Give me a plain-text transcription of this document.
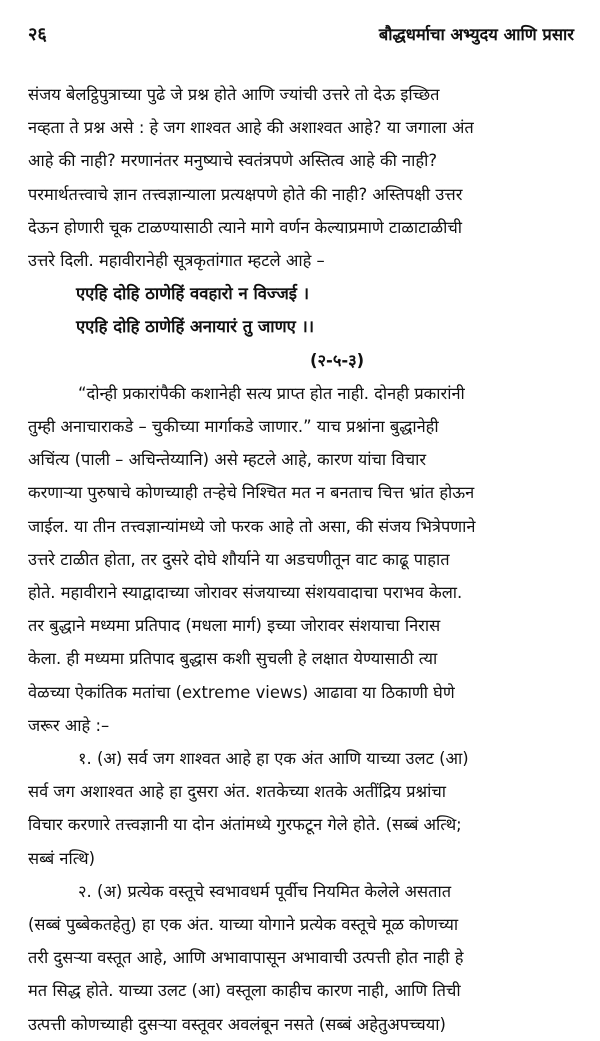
२६	बौद्धधर्माचा अभ्युदय आणि प्रसार
संजय बेलट्ठिपुत्राच्या पुढे जे प्रश्न होते आणि ज्यांची उत्तरे तो देऊ इच्छित
नव्हता ते प्रश्न असे : हे जग शाश्वत आहे की अशाश्वत आहे? या जगाला अंत
आहे की नाही? मरणानंतर मनुष्याचे स्वतंत्रपणे अस्तित्व आहे की नाही?
परमार्थतत्त्वाचे ज्ञान तत्त्वज्ञान्याला प्रत्यक्षपणे होते की नाही? अस्तिपक्षी उत्तर
देऊन होणारी चूक टाळण्यासाठी त्याने मागे वर्णन केल्याप्रमाणे टाळाटाळीची
उत्तरे दिली. महावीरानेही सूत्रकृतांगात म्हटले आहे –
एएहि दोहि ठाणेहिं ववहारो न विज्जई ।
एएहि दोहि ठाणेहिं अनायारं तु जाणए ।।
(२-५-३)
“दोन्ही प्रकारांपैकी कशानेही सत्य प्राप्त होत नाही. दोनही प्रकारांनी
तुम्ही अनाचाराकडे – चुकीच्या मार्गाकडे जाणार.” याच प्रश्नांना बुद्धानेही
अचिंत्य (पाली – अचिन्तेय्यानि) असे म्हटले आहे, कारण यांचा विचार
करणाऱ्या पुरुषाचे कोणच्याही तऱ्हेचे निश्चित मत न बनताच चित्त भ्रांत होऊन
जाईल. या तीन तत्त्वज्ञान्यांमध्ये जो फरक आहे तो असा, की संजय भित्रेपणाने
उत्तरे टाळीत होता, तर दुसरे दोघे शौर्याने या अडचणीतून वाट काढू पाहात
होते. महावीराने स्याद्वादाच्या जोरावर संजयाच्या संशयवादाचा पराभव केला.
तर बुद्धाने मध्यमा प्रतिपाद (मधला मार्ग) इच्या जोरावर संशयाचा निरास
केला. ही मध्यमा प्रतिपाद बुद्धास कशी सुचली हे लक्षात येण्यासाठी त्या
वेळच्या ऐकांतिक मतांचा (extreme views) आढावा या ठिकाणी घेणे
जरूर आहे :–
१. (अ) सर्व जग शाश्वत आहे हा एक अंत आणि याच्या उलट (आ)
सर्व जग अशाश्वत आहे हा दुसरा अंत. शतकेच्या शतके अतींद्रिय प्रश्नांचा
विचार करणारे तत्त्वज्ञानी या दोन अंतांमध्ये गुरफटून गेले होते. (सब्बं अत्थि;
सब्बं नत्थि)
२. (अ) प्रत्येक वस्तूचे स्वभावधर्म पूर्वीच नियमित केलेले असतात
(सब्बं पुब्बेकतहेतु) हा एक अंत. याच्या योगाने प्रत्येक वस्तूचे मूळ कोणच्या
तरी दुसऱ्या वस्तूत आहे, आणि अभावापासून अभावाची उत्पत्ती होत नाही हे
मत सिद्ध होते. याच्या उलट (आ) वस्तूला काहीच कारण नाही, आणि तिची
उत्पत्ती कोणच्याही दुसऱ्या वस्तूवर अवलंबून नसते (सब्बं अहेतुअपच्चया)
